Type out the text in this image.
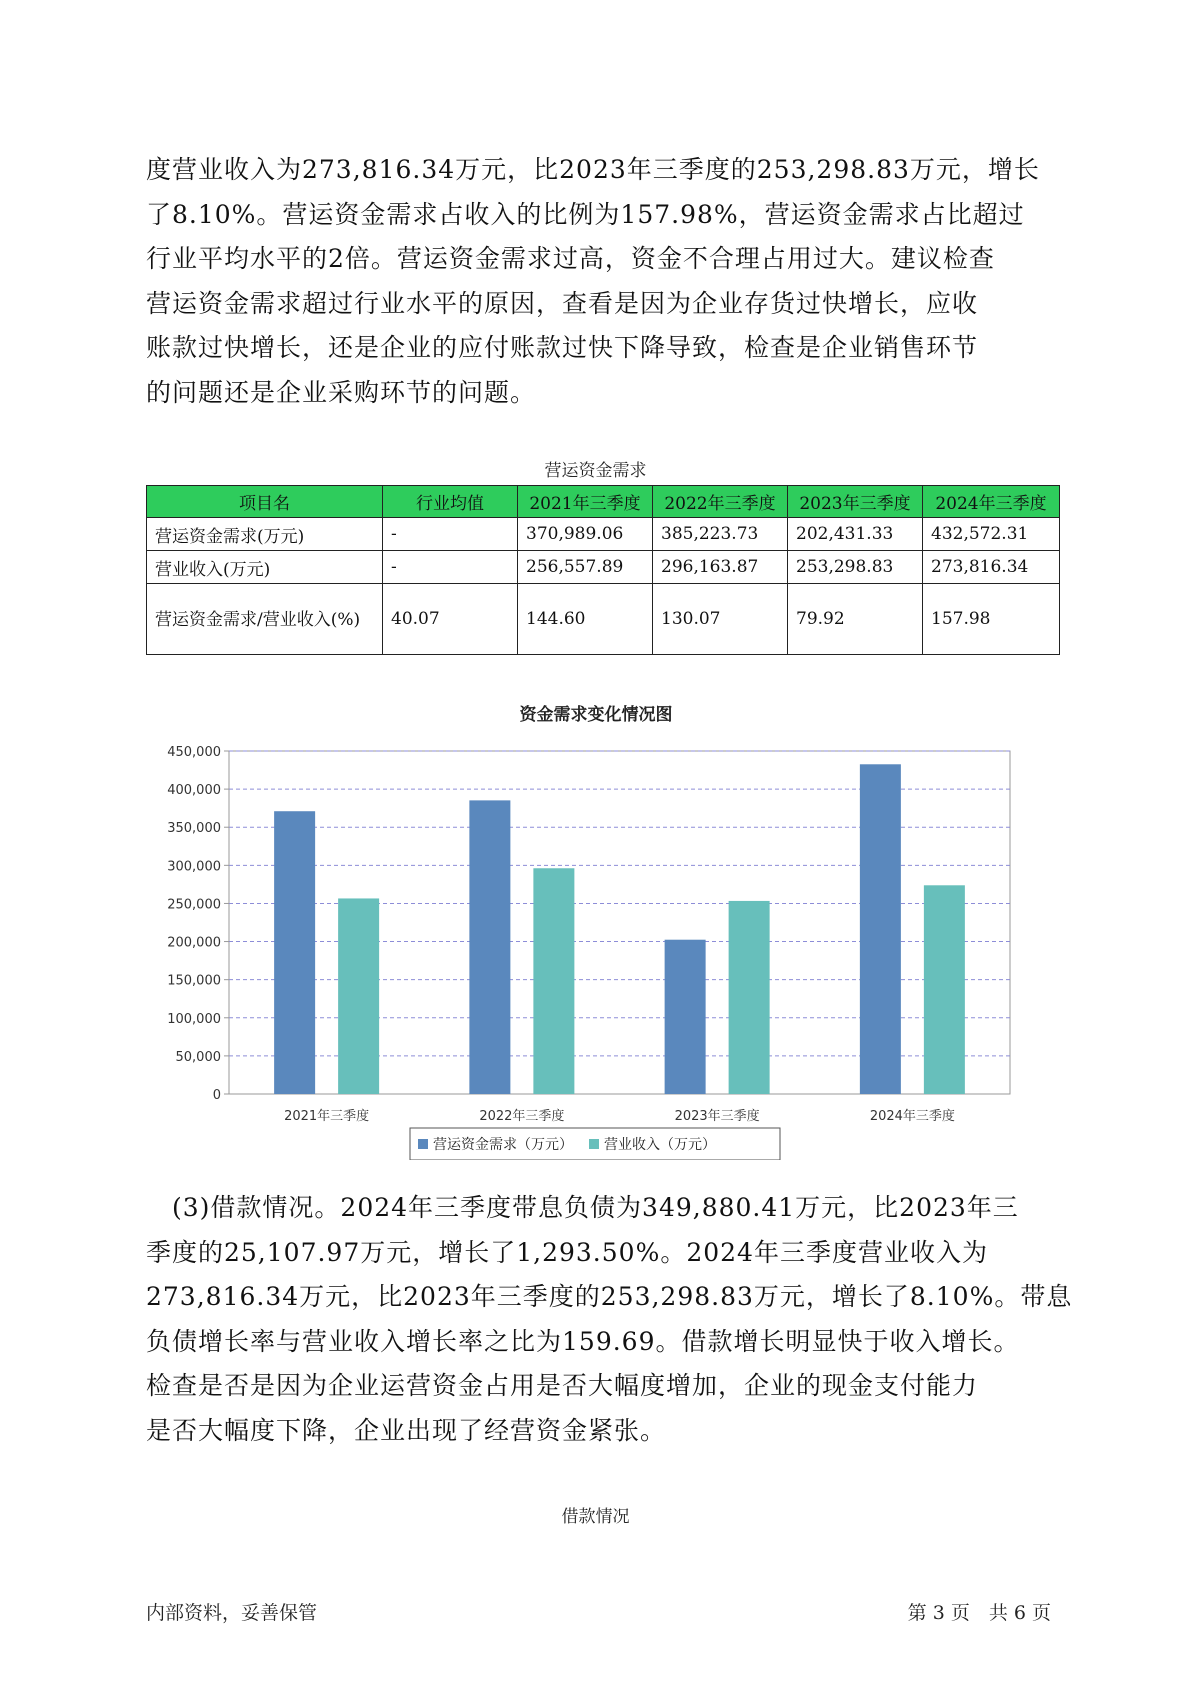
度营业收入为273,816.34万元，比2023年三季度的253,298.83万元，增长
了8.10%。营运资金需求占收入的比例为157.98%，营运资金需求占比超过
行业平均水平的2倍。营运资金需求过高，资金不合理占用过大。建议检查
营运资金需求超过行业水平的原因，查看是因为企业存货过快增长，应收
账款过快增长，还是企业的应付账款过快下降导致，检查是企业销售环节
的问题还是企业采购环节的问题。
营运资金需求
项目名	行业均值	2021年三季度	2022年三季度	2023年三季度	2024年三季度
营运资金需求(万元)	-	370,989.06	385,223.73	202,431.33	432,572.31
营业收入(万元)	-	256,557.89	296,163.87	253,298.83	273,816.34
营运资金需求/营业收入(%)	40.07	144.60	130.07	79.92	157.98
资金需求变化情况图
0
50,000
100,000
150,000
200,000
250,000
300,000
350,000
400,000
450,000
2021年三季度	2022年三季度	2023年三季度	2024年三季度
营运资金需求（万元） 营业收入（万元）
　(3)借款情况。2024年三季度带息负债为349,880.41万元，比2023年三
季度的25,107.97万元，增长了1,293.50%。2024年三季度营业收入为
273,816.34万元，比2023年三季度的253,298.83万元，增长了8.10%。带息
负债增长率与营业收入增长率之比为159.69。借款增长明显快于收入增长。
检查是否是因为企业运营资金占用是否大幅度增加，企业的现金支付能力
是否大幅度下降，企业出现了经营资金紧张。
借款情况
内部资料，妥善保管	第 3 页　共 6 页
